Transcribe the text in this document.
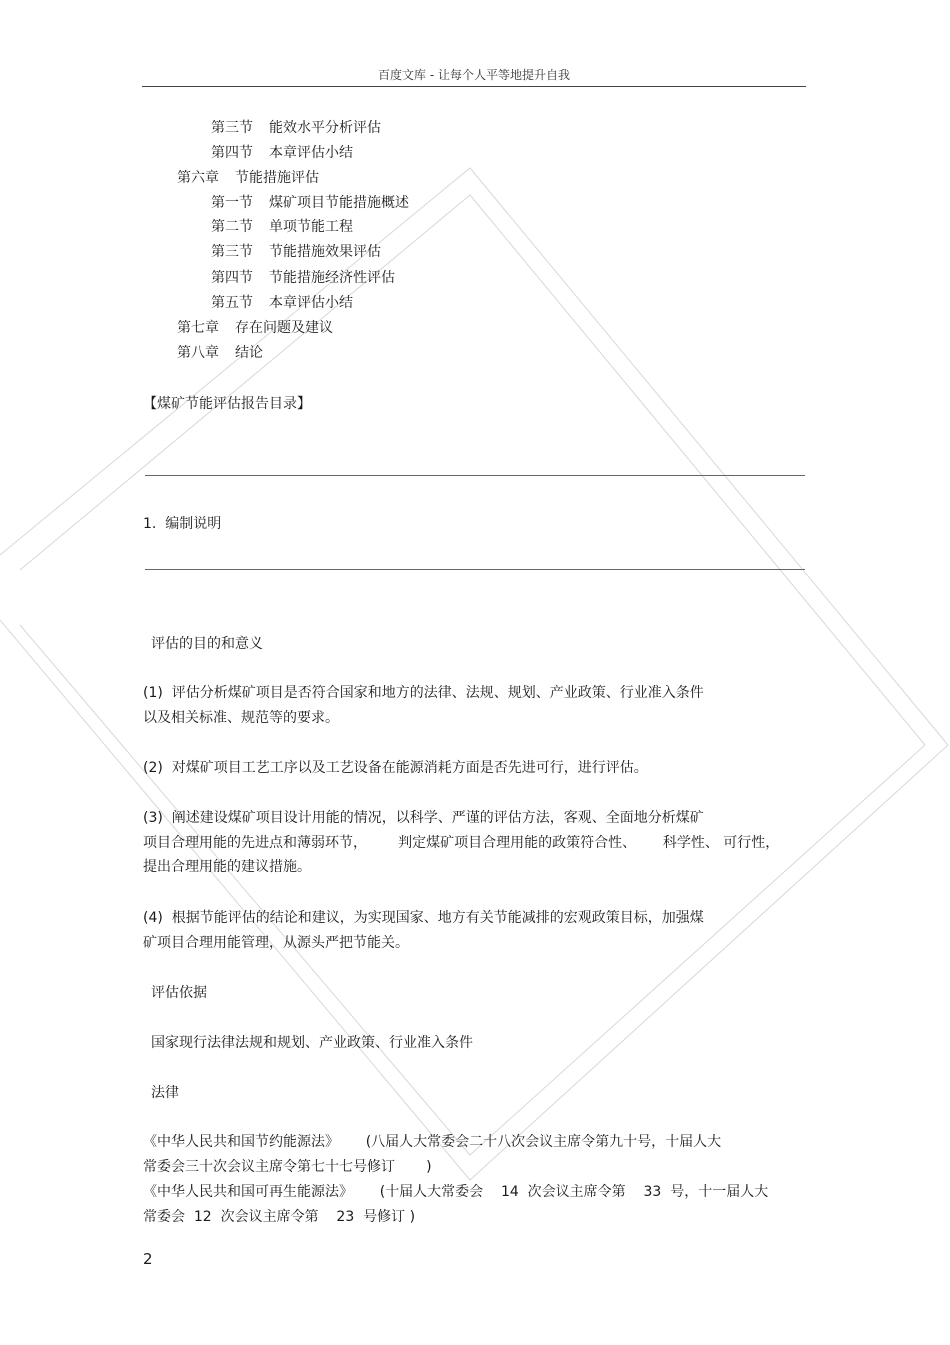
百度文库 - 让每个人平等地提升自我
第三节 能效水平分析评估
第四节 本章评估小结
第六章 节能措施评估
第一节 煤矿项目节能措施概述
第二节 单项节能工程
第三节 节能措施效果评估
第四节 节能措施经济性评估
第五节 本章评估小结
第七章 存在问题及建议
第八章 结论
【煤矿节能评估报告目录】
1.  编制说明
评估的目的和意义
(1)  评估分析煤矿项目是否符合国家和地方的法律、法规、规划、产业政策、行业准入条件
以及相关标准、规范等的要求。
(2)  对煤矿项目工艺工序以及工艺设备在能源消耗方面是否先进可行，进行评估。
(3)  阐述建设煤矿项目设计用能的情况，以科学、严谨的评估方法，客观、全面地分析煤矿
项目合理用能的先进点和薄弱环节，       判定煤矿项目合理用能的政策符合性、      科学性、 可行性，
提出合理用能的建议措施。
(4)  根据节能评估的结论和建议，为实现国家、地方有关节能减排的宏观政策目标，加强煤
矿项目合理用能管理，从源头严把节能关。
评估依据
国家现行法律法规和规划、产业政策、行业准入条件
法律
《中华人民共和国节约能源法》      (八届人大常委会二十八次会议主席令第九十号，十届人大
常委会三十次会议主席令第七十七号修订       )
《中华人民共和国可再生能源法》      (十届人大常委会    14  次会议主席令第    33  号，十一届人大
常委会  12  次会议主席令第    23  号修订 )
2
